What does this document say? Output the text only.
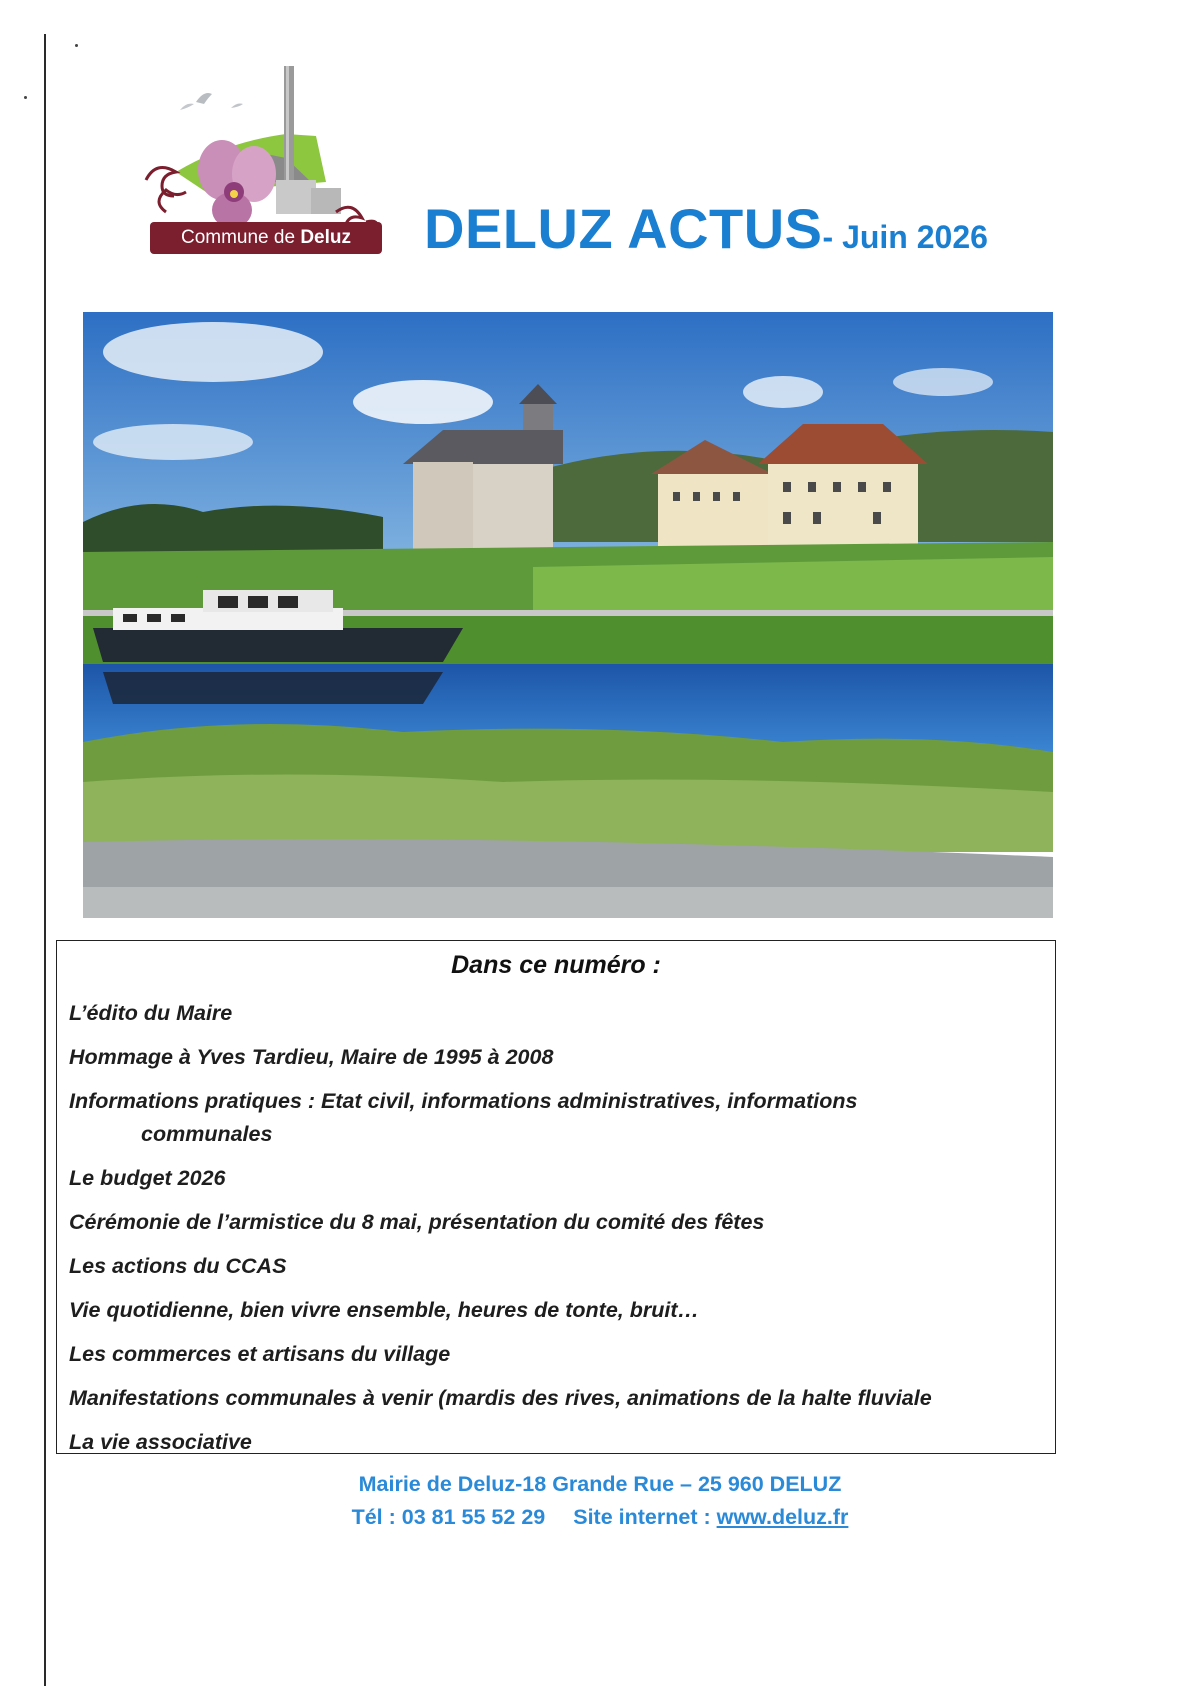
Commune de Deluz	DELUZ ACTUS- Juin 2026
Dans ce numéro :
L’édito du Maire
Hommage à Yves Tardieu, Maire de 1995 à 2008
Informations pratiques : Etat civil, informations administratives, informations
communales
Le budget 2026
Cérémonie de l’armistice du 8 mai, présentation du comité des fêtes
Les actions du CCAS
Vie quotidienne, bien vivre ensemble, heures de tonte, bruit…
Les commerces et artisans du village
Manifestations communales à venir (mardis des rives, animations de la halte fluviale
La vie associative
Mairie de Deluz-18 Grande Rue – 25 960 DELUZ
Tél : 03 81 55 52 29 Site internet : www.deluz.fr
